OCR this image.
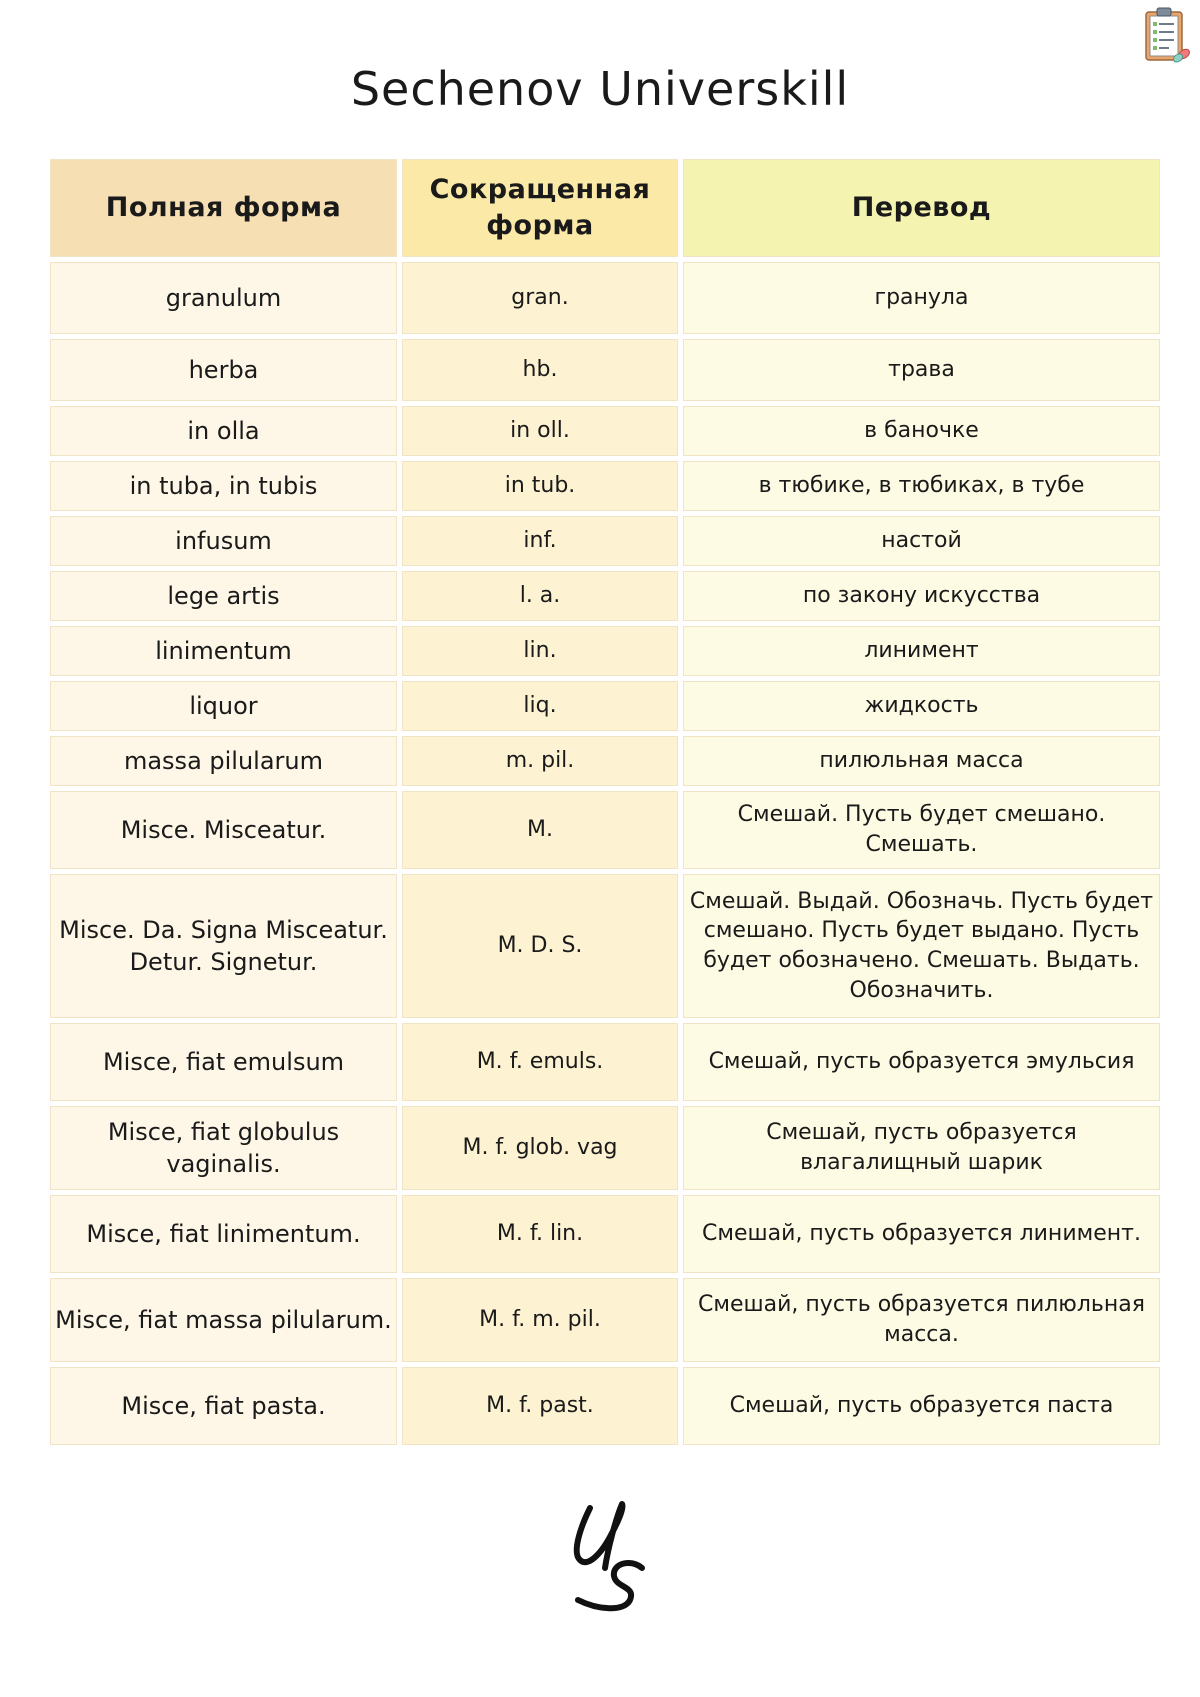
Sechenov Universkill
Полная форма	Сокращенная форма	Перевод
granulum	gran.	гранула
herba	hb.	трава
in olla	in oll.	в баночке
in tuba, in tubis	in tub.	в тюбике, в тюбиках, в тубе
infusum	inf.	настой
lege artis	l. a.	по закону искусства
linimentum	lin.	линимент
liquor	liq.	жидкость
massa pilularum	m. pil.	пилюльная масса
Misce. Misceatur.	M.	Смешай. Пусть будет смешано. Смешать.
Misce. Da. Signa Misceatur. Detur. Signetur.	M. D. S.	Смешай. Выдай. Обозначь. Пусть будет смешано. Пусть будет выдано. Пусть будет обозначено. Смешать. Выдать. Обозначить.
Misce, fiat emulsum	M. f. emuls.	Смешай, пусть образуется эмульсия
Misce, fiat globulus vaginalis.	M. f. glob. vag	Смешай, пусть образуется влагалищный шарик
Misce, fiat linimentum.	M. f. lin.	Смешай, пусть образуется линимент.
Misce, fiat massa pilularum.	M. f. m. pil.	Смешай, пусть образуется пилюльная масса.
Misce, fiat pasta.	M. f. past.	Смешай, пусть образуется паста
